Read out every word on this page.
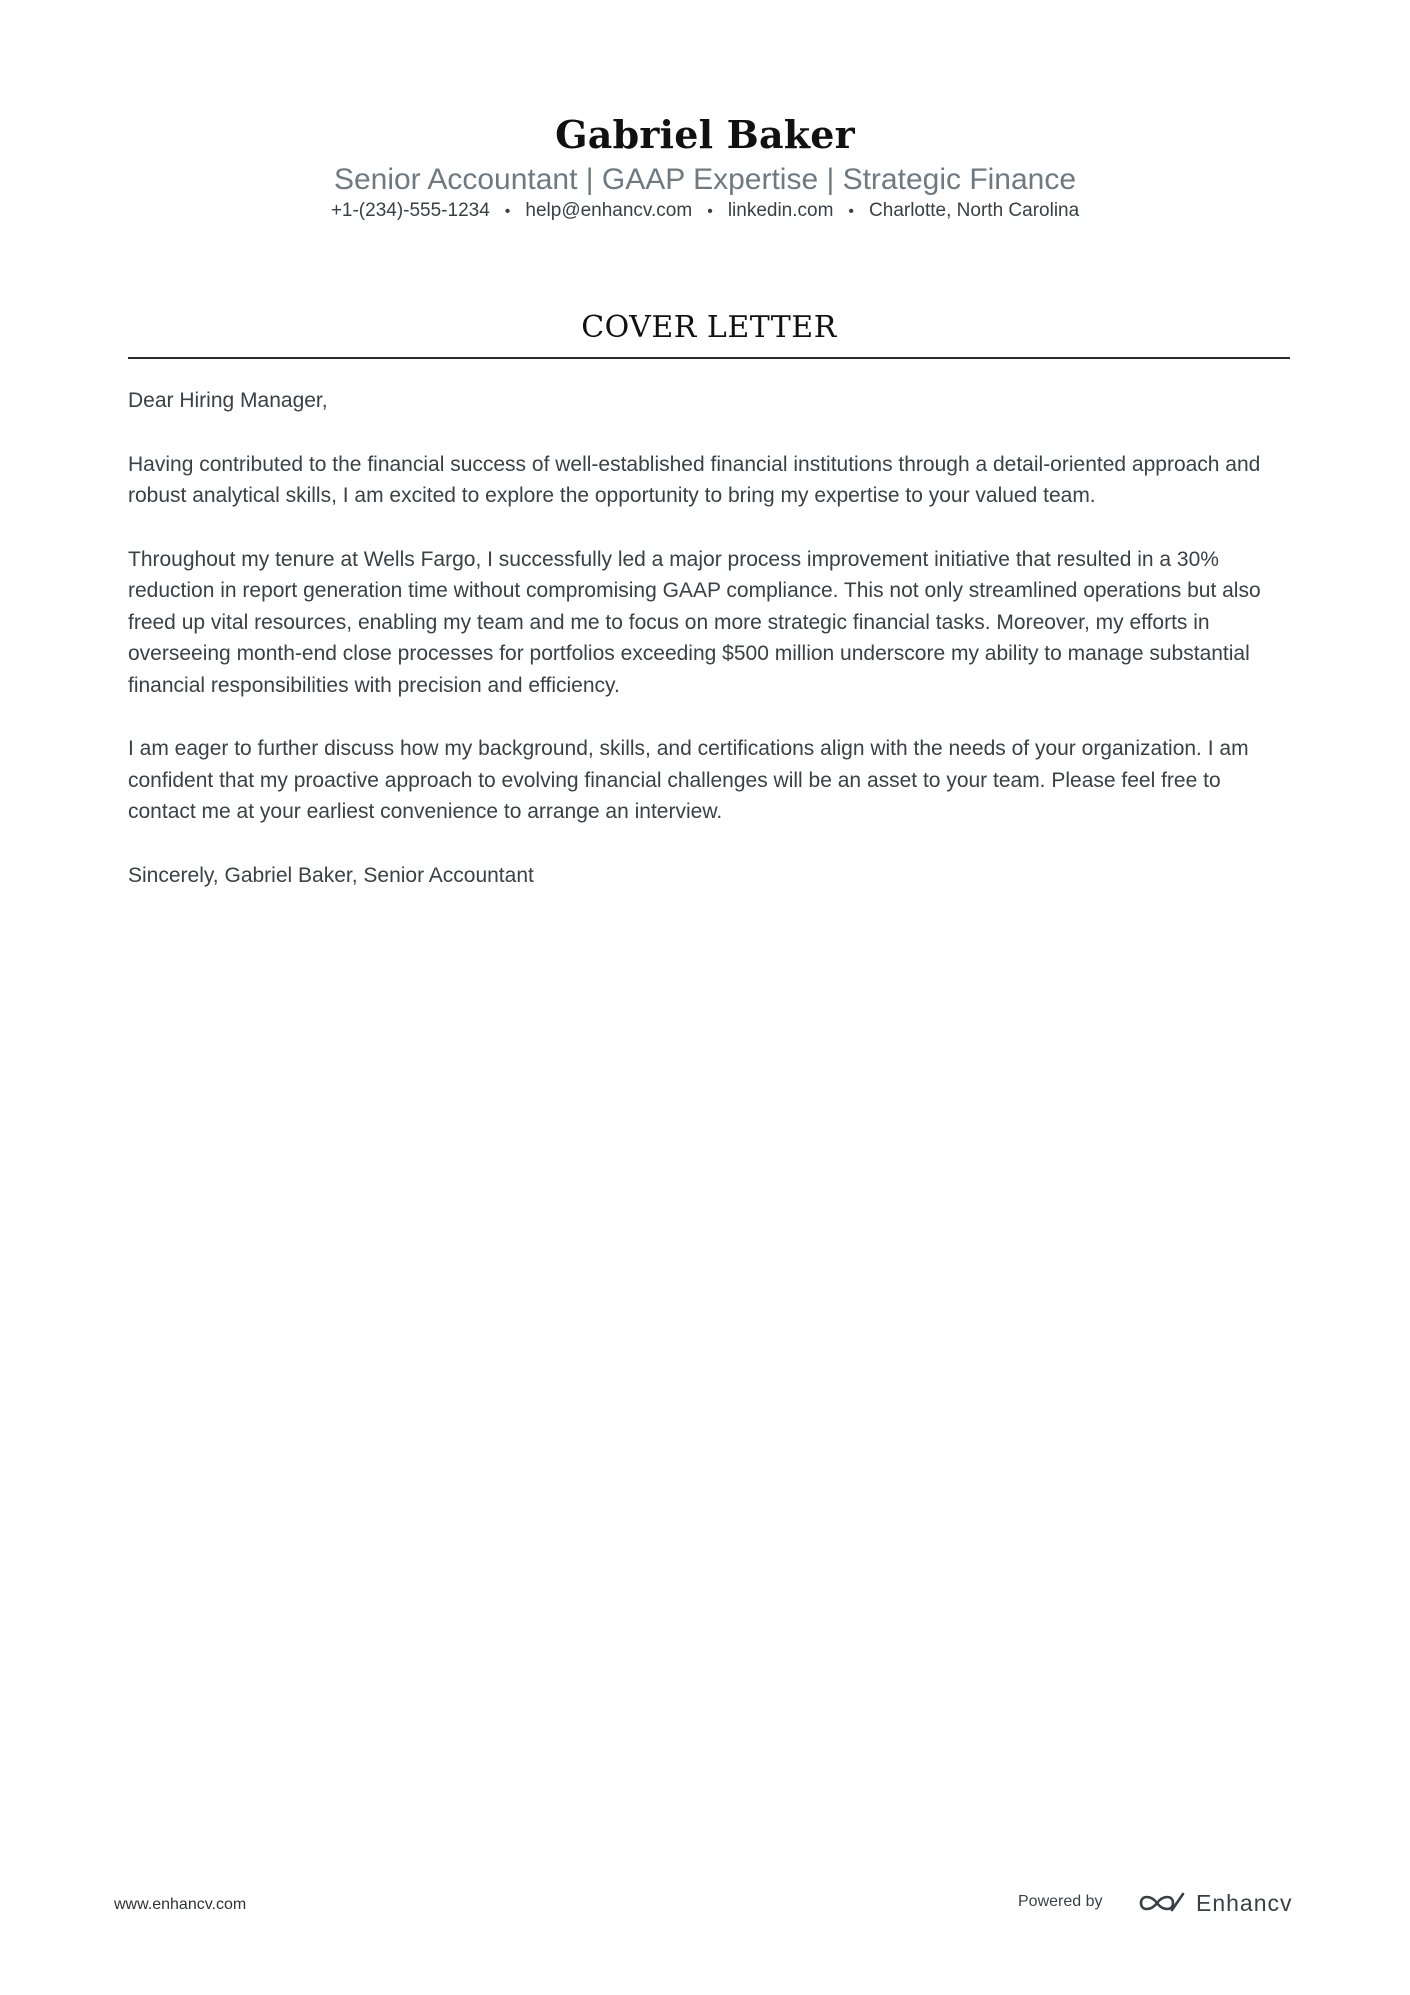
Gabriel Baker
Senior Accountant | GAAP Expertise | Strategic Finance
+1-(234)-555-1234 • help@enhancv.com • linkedin.com • Charlotte, North Carolina
COVER LETTER

Dear Hiring Manager,

Having contributed to the financial success of well-established financial institutions through a detail-oriented approach and robust analytical skills, I am excited to explore the opportunity to bring my expertise to your valued team.

Throughout my tenure at Wells Fargo, I successfully led a major process improvement initiative that resulted in a 30% reduction in report generation time without compromising GAAP compliance. This not only streamlined operations but also freed up vital resources, enabling my team and me to focus on more strategic financial tasks. Moreover, my efforts in overseeing month-end close processes for portfolios exceeding $500 million underscore my ability to manage substantial financial responsibilities with precision and efficiency.

I am eager to further discuss how my background, skills, and certifications align with the needs of your organization. I am confident that my proactive approach to evolving financial challenges will be an asset to your team. Please feel free to contact me at your earliest convenience to arrange an interview.

Sincerely, Gabriel Baker, Senior Accountant

www.enhancv.com	Powered by	Enhancv
